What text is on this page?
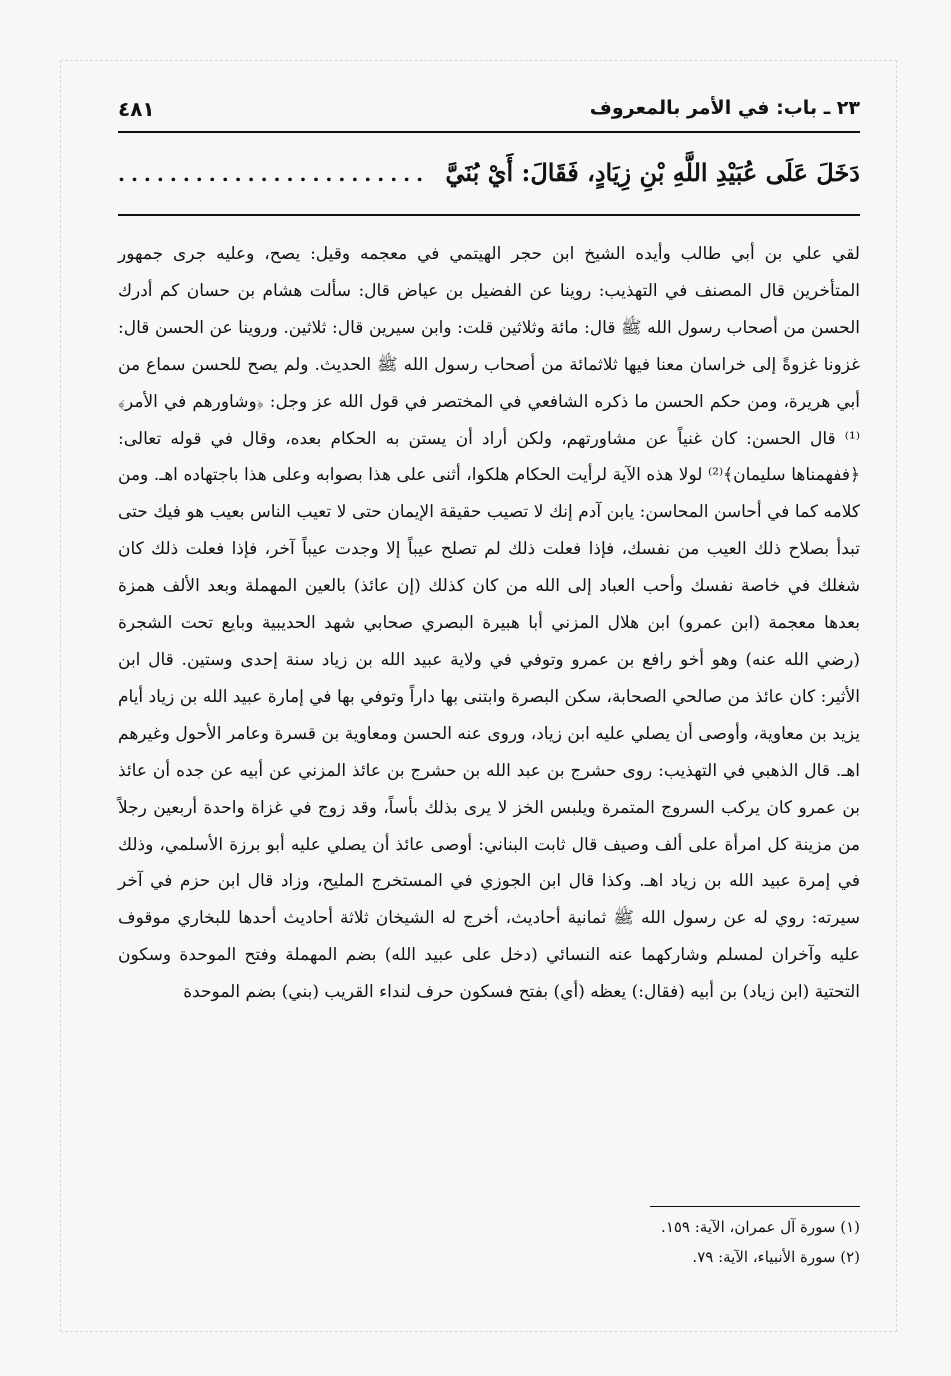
٢٣ ـ باب: في الأمر بالمعروف
٤٨١
دَخَلَ عَلَى عُبَيْدِ اللَّهِ بْنِ زِيَادٍ، فَقَالَ: أَيْ بُنَيَّ
........................

لقي علي بن أبي طالب وأيده الشيخ ابن حجر الهيتمي في معجمه وقيل: يصح، وعليه جرى جمهور المتأخرين قال المصنف في التهذيب: روينا عن الفضيل بن عياض قال: سألت هشام بن حسان كم أدرك الحسن من أصحاب رسول الله ﷺ قال: مائة وثلاثين قلت: وابن سيرين قال: ثلاثين. وروينا عن الحسن قال: غزونا غزوةً إلى خراسان معنا فيها ثلاثمائة من أصحاب رسول الله ﷺ الحديث. ولم يصح للحسن سماع من أبي هريرة، ومن حكم الحسن ما ذكره الشافعي في المختصر في قول الله عز وجل: ﴿وشاورهم في الأمر﴾⁽¹⁾ قال الحسن: كان غنياً عن مشاورتهم، ولكن أراد أن يستن به الحكام بعده، وقال في قوله تعالى: ﴿ففهمناها سليمان﴾⁽²⁾ لولا هذه الآية لرأيت الحكام هلكوا، أثنى على هذا بصوابه وعلى هذا باجتهاده اهـ. ومن كلامه كما في أحاسن المحاسن: يابن آدم إنك لا تصيب حقيقة الإيمان حتى لا تعيب الناس بعيب هو فيك حتى تبدأ بصلاح ذلك العيب من نفسك، فإذا فعلت ذلك لم تصلح عيباً إلا وجدت عيباً آخر، فإذا فعلت ذلك كان شغلك في خاصة نفسك وأحب العباد إلى الله من كان كذلك (إن عائذ) بالعين المهملة وبعد الألف همزة بعدها معجمة (ابن عمرو) ابن هلال المزني أبا هبيرة البصري صحابي شهد الحديبية وبايع تحت الشجرة (رضي الله عنه) وهو أخو رافع بن عمرو وتوفي في ولاية عبيد الله بن زياد سنة إحدى وستين. قال ابن الأثير: كان عائذ من صالحي الصحابة، سكن البصرة وابتنى بها داراً وتوفي بها في إمارة عبيد الله بن زياد أيام يزيد بن معاوية، وأوصى أن يصلي عليه ابن زياد، وروى عنه الحسن ومعاوية بن قسرة وعامر الأحول وغيرهم اهـ. قال الذهبي في التهذيب: روى حشرج بن عبد الله بن حشرج بن عائذ المزني عن أبيه عن جده أن عائذ بن عمرو كان يركب السروج المتمرة ويلبس الخز لا يرى بذلك بأساً، وقد زوج في غزاة واحدة أربعين رجلاً من مزينة كل امرأة على ألف وصيف قال ثابت البناني: أوصى عائذ أن يصلي عليه أبو برزة الأسلمي، وذلك في إمرة عبيد الله بن زياد اهـ. وكذا قال ابن الجوزي في المستخرج المليح، وزاد قال ابن حزم في آخر سيرته: روي له عن رسول الله ﷺ ثمانية أحاديث، أخرج له الشيخان ثلاثة أحاديث أحدها للبخاري موقوف عليه وآخران لمسلم وشاركهما عنه النسائي (دخل على عبيد الله) بضم المهملة وفتح الموحدة وسكون التحتية (ابن زياد) بن أبيه (فقال:) يعظه (أي) بفتح فسكون حرف لنداء القريب (بني) بضم الموحدة

(١) سورة آل عمران، الآية: ١٥٩.
(٢) سورة الأنبياء، الآية: ٧٩.
